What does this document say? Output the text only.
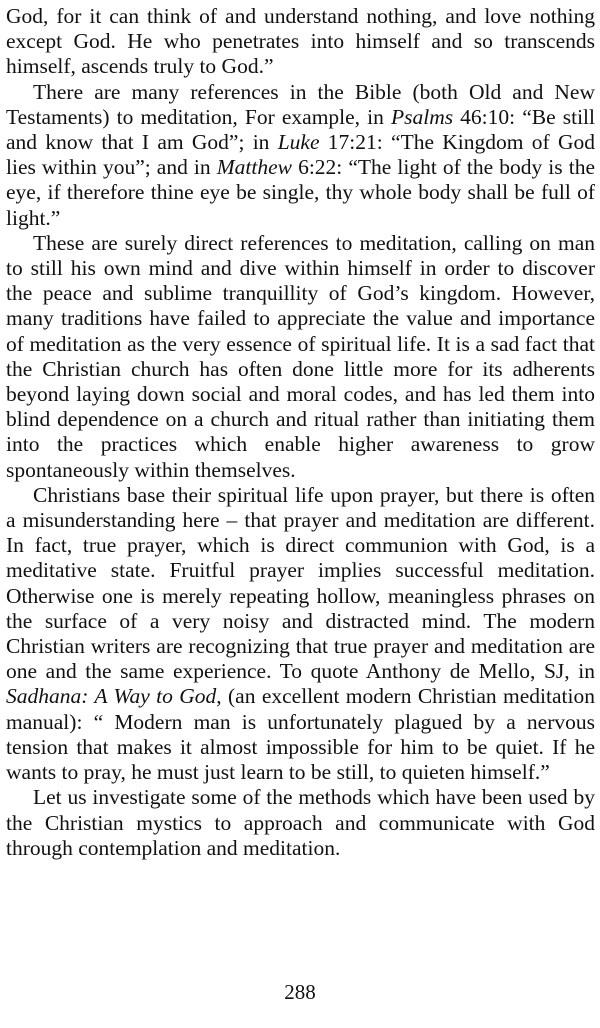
God, for it can think of and understand nothing, and love nothing except God. He who penetrates into himself and so transcends himself, ascends truly to God.”

There are many references in the Bible (both Old and New Testaments) to meditation, For example, in Psalms 46:10: “Be still and know that I am God”; in Luke 17:21: “The Kingdom of God lies within you”; and in Matthew 6:22: “The light of the body is the eye, if therefore thine eye be single, thy whole body shall be full of light.”

These are surely direct references to meditation, calling on man to still his own mind and dive within himself in order to discover the peace and sublime tranquillity of God’s kingdom. However, many traditions have failed to appreciate the value and importance of meditation as the very essence of spiritual life. It is a sad fact that the Christian church has often done little more for its adherents beyond laying down social and moral codes, and has led them into blind dependence on a church and ritual rather than initiating them into the practices which enable higher awareness to grow spontaneously within themselves.

Christians base their spiritual life upon prayer, but there is often a misunderstanding here – that prayer and meditation are different. In fact, true prayer, which is direct communion with God, is a meditative state. Fruitful prayer implies successful meditation. Otherwise one is merely repeating hollow, meaningless phrases on the surface of a very noisy and distracted mind. The modern Christian writers are recognizing that true prayer and meditation are one and the same experience. To quote Anthony de Mello, SJ, in Sadhana: A Way to God, (an excellent modern Christian meditation manual): “ Modern man is unfortunately plagued by a nervous tension that makes it almost impossible for him to be quiet. If he wants to pray, he must just learn to be still, to quieten himself.”

Let us investigate some of the methods which have been used by the Christian mystics to approach and communicate with God through contemplation and meditation.

288
